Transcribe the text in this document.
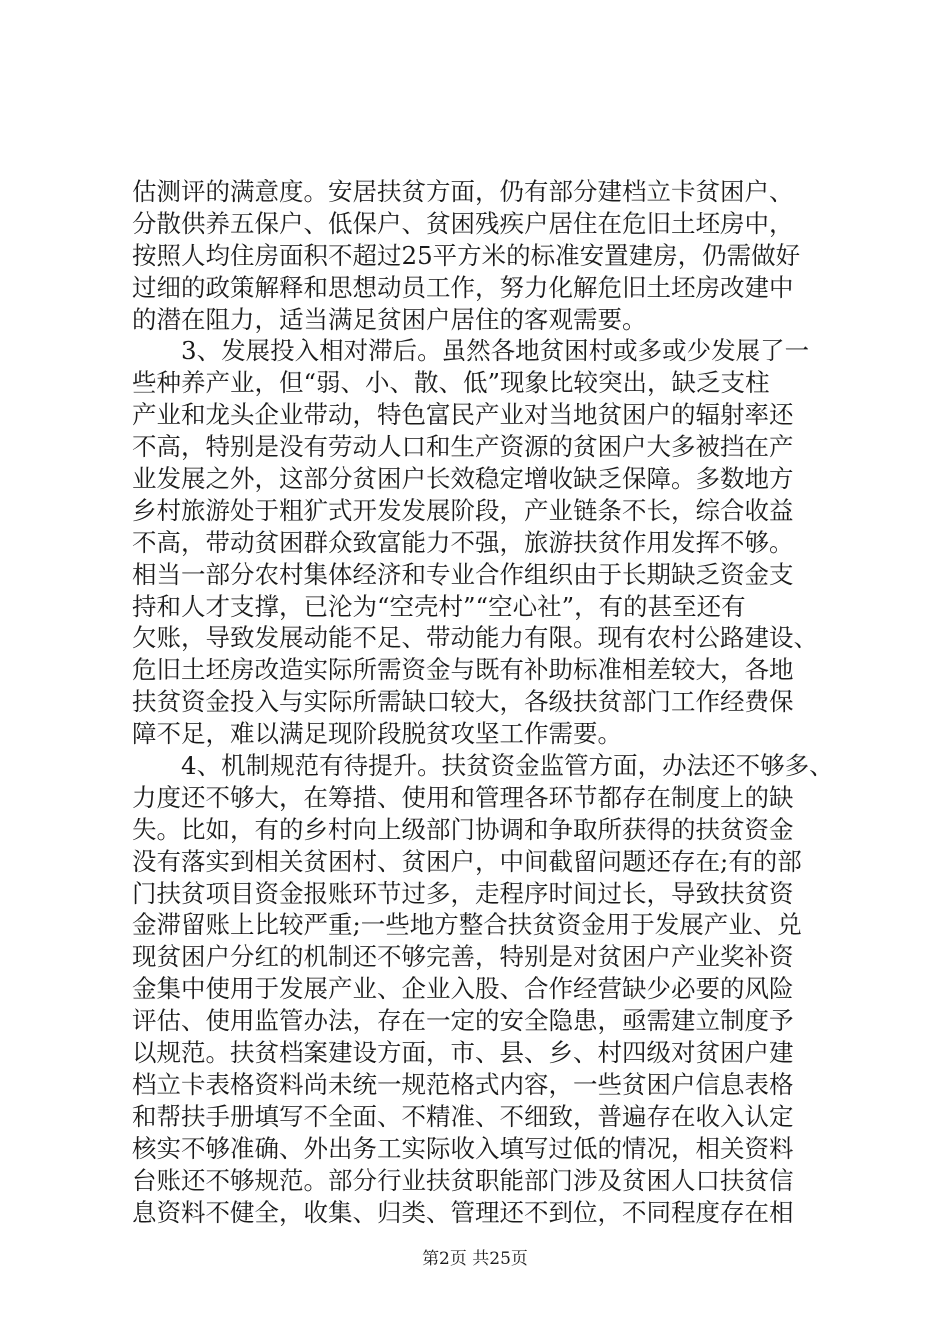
估测评的满意度。安居扶贫方面，仍有部分建档立卡贫困户、
分散供养五保户、低保户、贫困残疾户居住在危旧土坯房中，
按照人均住房面积不超过25平方米的标准安置建房，仍需做好
过细的政策解释和思想动员工作，努力化解危旧土坯房改建中
的潜在阻力，适当满足贫困户居住的客观需要。
3、发展投入相对滞后。虽然各地贫困村或多或少发展了一
些种养产业，但“弱、小、散、低”现象比较突出，缺乏支柱
产业和龙头企业带动，特色富民产业对当地贫困户的辐射率还
不高，特别是没有劳动人口和生产资源的贫困户大多被挡在产
业发展之外，这部分贫困户长效稳定增收缺乏保障。多数地方
乡村旅游处于粗犷式开发发展阶段，产业链条不长，综合收益
不高，带动贫困群众致富能力不强，旅游扶贫作用发挥不够。
相当一部分农村集体经济和专业合作组织由于长期缺乏资金支
持和人才支撑，已沦为“空壳村”“空心社”，有的甚至还有
欠账，导致发展动能不足、带动能力有限。现有农村公路建设、
危旧土坯房改造实际所需资金与既有补助标准相差较大，各地
扶贫资金投入与实际所需缺口较大，各级扶贫部门工作经费保
障不足，难以满足现阶段脱贫攻坚工作需要。
4、机制规范有待提升。扶贫资金监管方面，办法还不够多、
力度还不够大，在筹措、使用和管理各环节都存在制度上的缺
失。比如，有的乡村向上级部门协调和争取所获得的扶贫资金
没有落实到相关贫困村、贫困户，中间截留问题还存在;有的部
门扶贫项目资金报账环节过多，走程序时间过长，导致扶贫资
金滞留账上比较严重;一些地方整合扶贫资金用于发展产业、兑
现贫困户分红的机制还不够完善，特别是对贫困户产业奖补资
金集中使用于发展产业、企业入股、合作经营缺少必要的风险
评估、使用监管办法，存在一定的安全隐患，亟需建立制度予
以规范。扶贫档案建设方面，市、县、乡、村四级对贫困户建
档立卡表格资料尚未统一规范格式内容，一些贫困户信息表格
和帮扶手册填写不全面、不精准、不细致，普遍存在收入认定
核实不够准确、外出务工实际收入填写过低的情况，相关资料
台账还不够规范。部分行业扶贫职能部门涉及贫困人口扶贫信
息资料不健全，收集、归类、管理还不到位，不同程度存在相
第2页 共25页
